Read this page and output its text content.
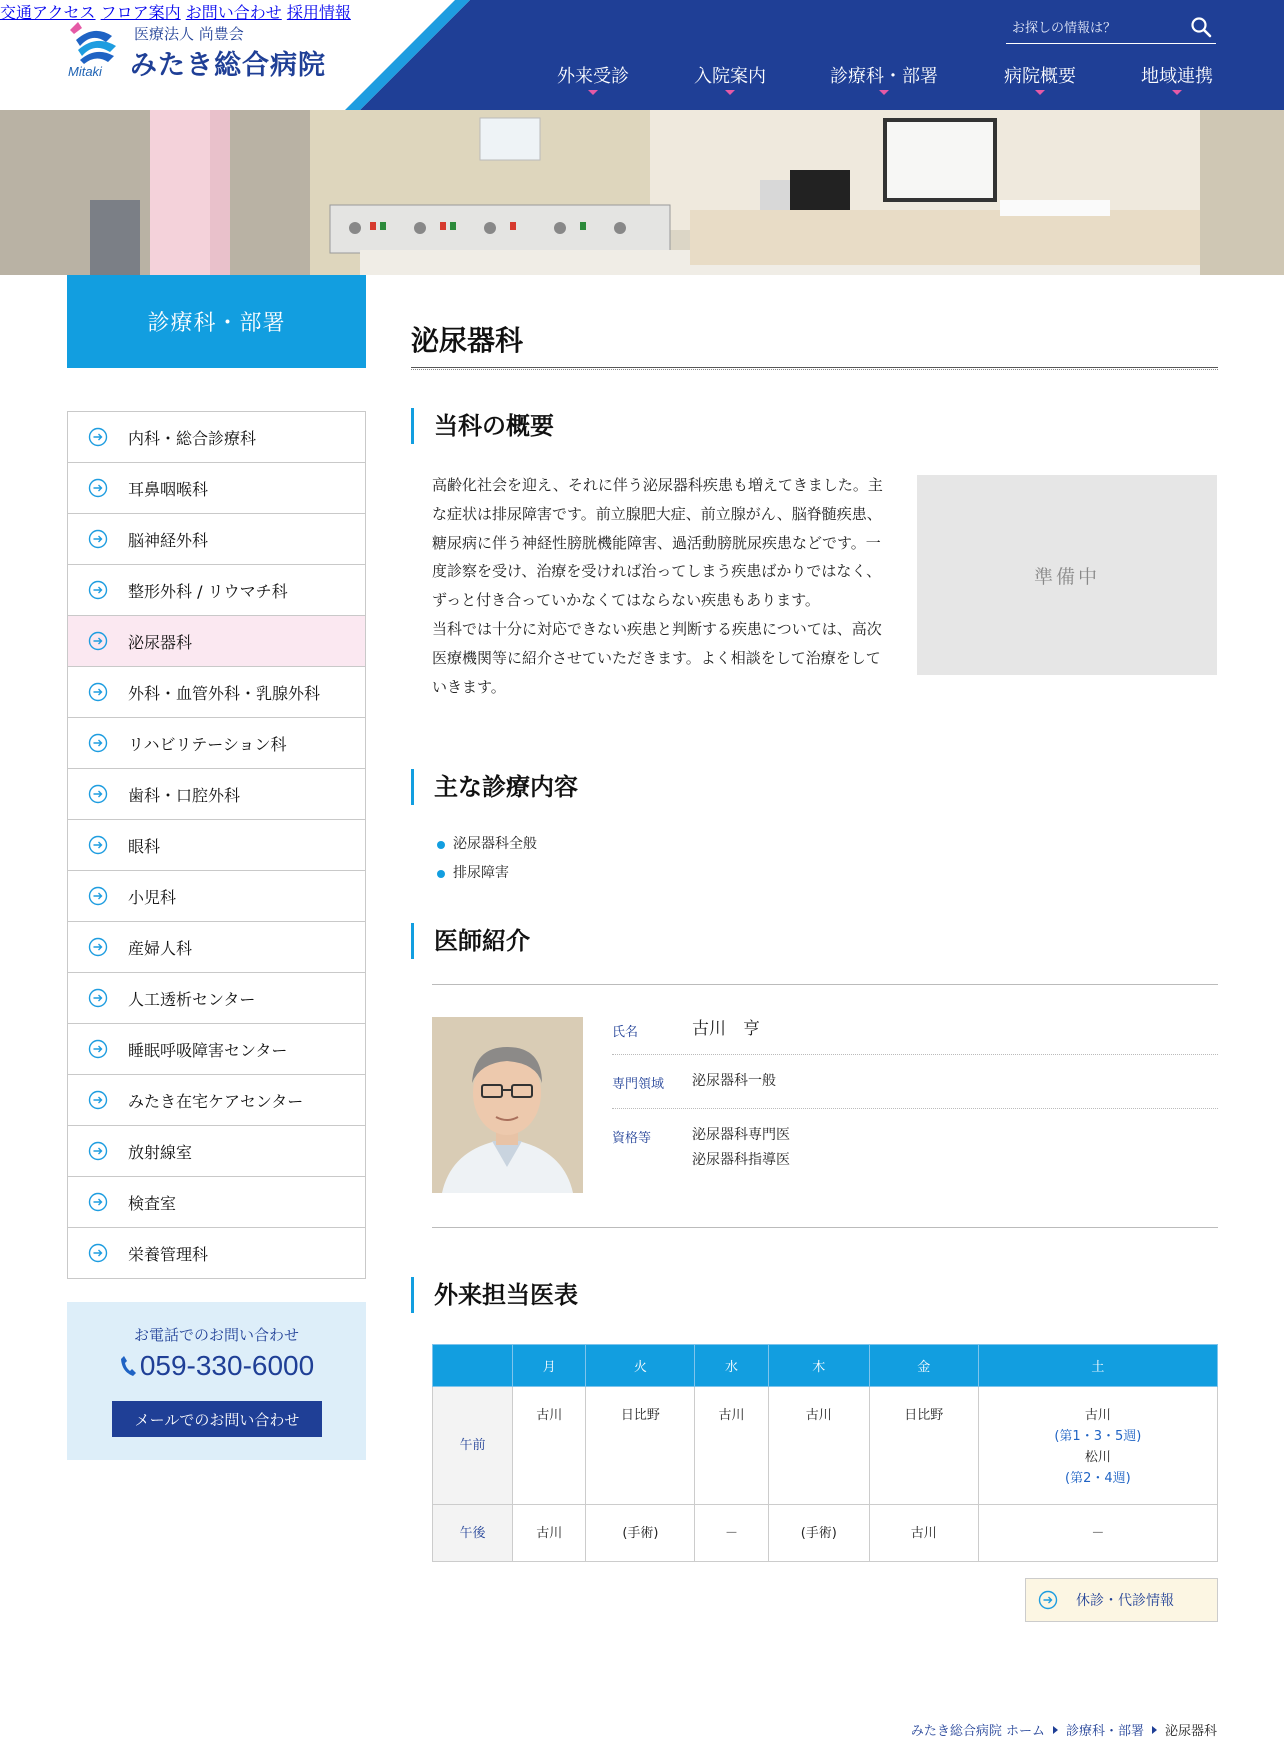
Mitaki
医療法人 尚豊会
みたき総合病院
交通アクセス フロア案内 お問い合わせ 採用情報
お探しの情報は？
外来受診	入院案内	診療科・部署	病院概要	地域連携
診療科・部署
内科・総合診療科
耳鼻咽喉科
脳神経外科
整形外科 / リウマチ科
泌尿器科
外科・血管外科・乳腺外科
リハビリテーション科
歯科・口腔外科
眼科
小児科
産婦人科
人工透析センター
睡眠呼吸障害センター
みたき在宅ケアセンター
放射線室
検査室
栄養管理科
お電話でのお問い合わせ
059-330-6000
メールでのお問い合わせ
泌尿器科
当科の概要

高齢化社会を迎え、それに伴う泌尿器科疾患も増えてきました。主な症状は排尿障害です。前立腺肥大症、前立腺がん、脳脊髄疾患、糖尿病に伴う神経性膀胱機能障害、過活動膀胱尿疾患などです。一度診察を受け、治療を受ければ治ってしまう疾患ばかりではなく、ずっと付き合っていかなくてはならない疾患もあります。

当科では十分に対応できない疾患と判断する疾患については、高次医療機関等に紹介させていただきます。よく相談をして治療をしていきます。

準備中
主な診療内容
泌尿器科全般
排尿障害
医師紹介
氏名	古川　亨
専門領域	泌尿器科一般
資格等	泌尿器科専門医
泌尿器科指導医
外来担当医表
	月	火	水	木	金	土
午前	古川	日比野	古川	古川	日比野	古川
(第1・3・5週)
松川
(第2・4週)

午後	古川	(手術)	－	(手術)	古川	－
休診・代診情報
みたき総合病院 ホーム 診療科・部署 泌尿器科
